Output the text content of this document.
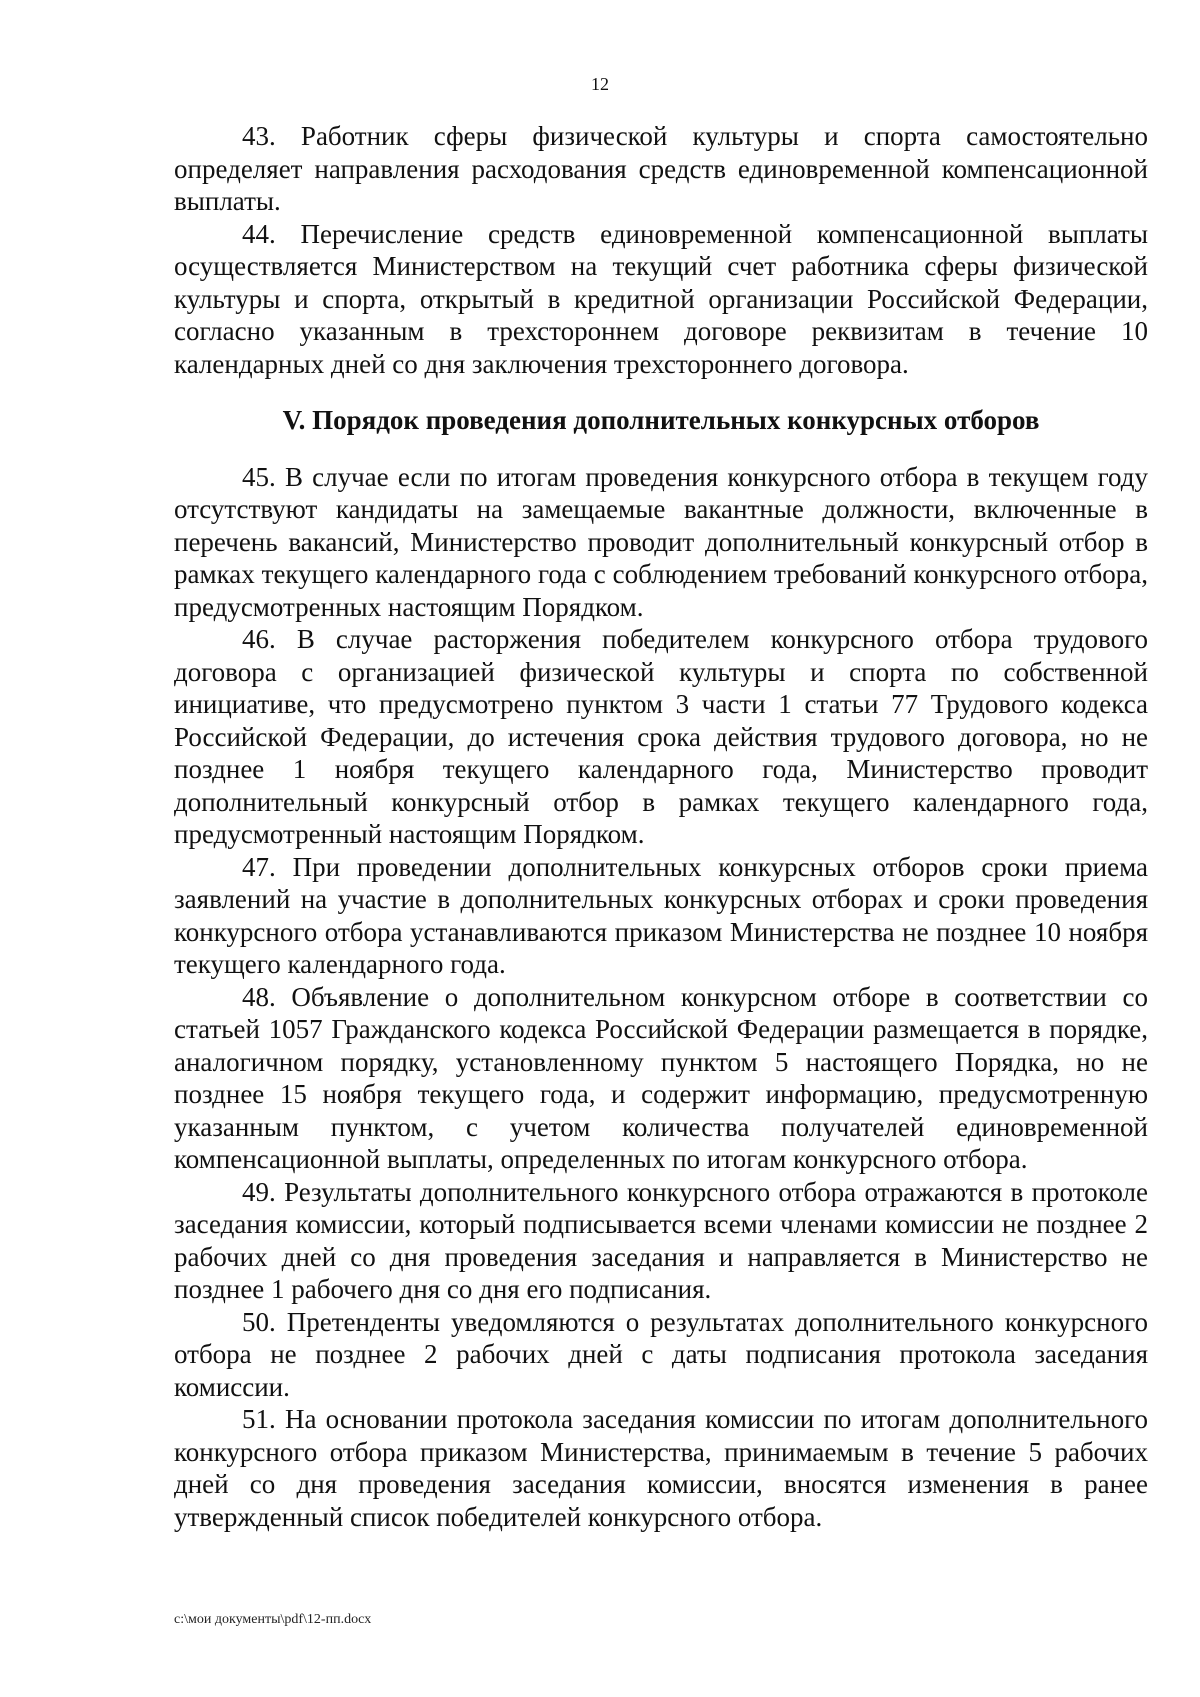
12

43. Работник сферы физической культуры и спорта самостоятельно определяет направления расходования средств единовременной компенсационной выплаты.

44. Перечисление средств единовременной компенсационной выплаты осуществляется Министерством на текущий счет работника сферы физической культуры и спорта, открытый в кредитной организации Российской Федерации, согласно указанным в трехстороннем договоре реквизитам в течение 10 календарных дней со дня заключения трехстороннего договора.

V. Порядок проведения дополнительных конкурсных отборов

45. В случае если по итогам проведения конкурсного отбора в текущем году отсутствуют кандидаты на замещаемые вакантные должности, включенные в перечень вакансий, Министерство проводит дополнительный конкурсный отбор в рамках текущего календарного года с соблюдением требований конкурсного отбора, предусмотренных настоящим Порядком.

46. В случае расторжения победителем конкурсного отбора трудового договора с организацией физической культуры и спорта по собственной инициативе, что предусмотрено пунктом 3 части 1 статьи 77 Трудового кодекса Российской Федерации, до истечения срока действия трудового договора, но не позднее 1 ноября текущего календарного года, Министерство проводит дополнительный конкурсный отбор в рамках текущего календарного года, предусмотренный настоящим Порядком.

47. При проведении дополнительных конкурсных отборов сроки приема заявлений на участие в дополнительных конкурсных отборах и сроки проведения конкурсного отбора устанавливаются приказом Министерства не позднее 10 ноября текущего календарного года.

48. Объявление о дополнительном конкурсном отборе в соответствии со статьей 1057 Гражданского кодекса Российской Федерации размещается в порядке, аналогичном порядку, установленному пунктом 5 настоящего Порядка, но не позднее 15 ноября текущего года, и содержит информацию, предусмотренную указанным пунктом, с учетом количества получателей единовременной компенсационной выплаты, определенных по итогам конкурсного отбора.

49. Результаты дополнительного конкурсного отбора отражаются в протоколе заседания комиссии, который подписывается всеми членами комиссии не позднее 2 рабочих дней со дня проведения заседания и направляется в Министерство не позднее 1 рабочего дня со дня его подписания.

50. Претенденты уведомляются о результатах дополнительного конкурсного отбора не позднее 2 рабочих дней с даты подписания протокола заседания комиссии.

51. На основании протокола заседания комиссии по итогам дополнительного конкурсного отбора приказом Министерства, принимаемым в течение 5 рабочих дней со дня проведения заседания комиссии, вносятся изменения в ранее утвержденный список победителей конкурсного отбора.

c:\мои документы\pdf\12-пп.docx
